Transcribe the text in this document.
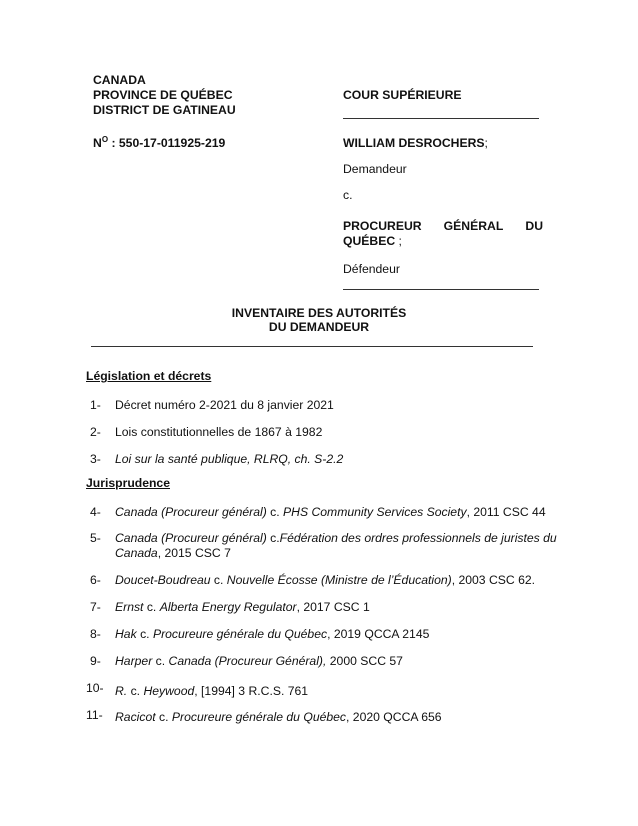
CANADA
PROVINCE DE QUÉBEC
DISTRICT DE GATINEAU
$N^O$ : 550-17-011925-219
COUR SUPÉRIEURE
WILLIAM DESROCHERS;
Demandeur
c.
PROCUREUR GÉNÉRAL DU
QUÉBEC ;
Défendeur
INVENTAIRE DES AUTORITÉS
DU DEMANDEUR
Législation et décrets
1- Décret numéro 2-2021 du 8 janvier 2021
2- Lois constitutionnelles de 1867 à 1982
3- Loi sur la santé publique, RLRQ, ch. S-2.2
Jurisprudence
4- Canada (Procureur général) c. PHS Community Services Society, 2011 CSC 44
5- Canada (Procureur général) c.Fédération des ordres professionnels de juristes du Canada, 2015 CSC 7
6- Doucet-Boudreau c. Nouvelle Écosse (Ministre de l’Éducation), 2003 CSC 62.
7- Ernst c. Alberta Energy Regulator, 2017 CSC 1
8- Hak c. Procureure générale du Québec, 2019 QCCA 2145
9- Harper c. Canada (Procureur Général), 2000 SCC 57
10- R. c. Heywood, [1994] 3 R.C.S. 761
11- Racicot c. Procureure générale du Québec, 2020 QCCA 656
